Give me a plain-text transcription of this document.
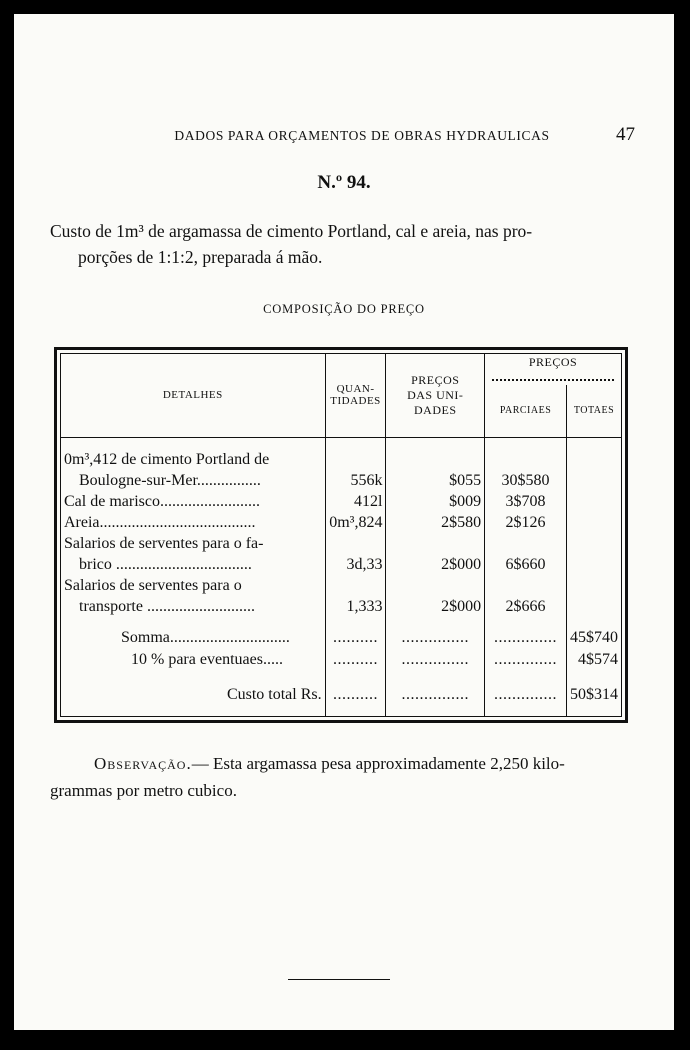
DADOS PARA ORÇAMENTOS DE OBRAS HYDRAULICAS	47
N.º 94.
Custo de 1m³ de argamassa de cimento Portland, cal e areia, nas pro-
porções de 1:1:2, preparada á mão.
COMPOSIÇÃO DO PREÇO
DETALHES	QUAN-TIDADES	PREÇOS DAS UNI-DADES	PREÇOS	

			PARCIAES	TOTAES

0m³,412 de cimento Portland de				
Boulogne-sur-Mer................	556k	$055	30$580	
Cal de marisco.........................	412l	$009	3$708	
Areia.......................................	0m³,824	2$580	2$126	
Salarios de serventes para o fa-				
brico ..................................	3d,33	2$000	6$660	
Salarios de serventes para o				
transporte ...........................	1,333	2$000	2$666	

Somma..............................	..........	...............	..............	45$740
10 % para eventuaes.....	..........	...............	..............	4$574

Custo total Rs.	..........	...............	..............	50$314

Observação.— Esta argamassa pesa approximadamente 2,250 kilo-
grammas por metro cubico.
